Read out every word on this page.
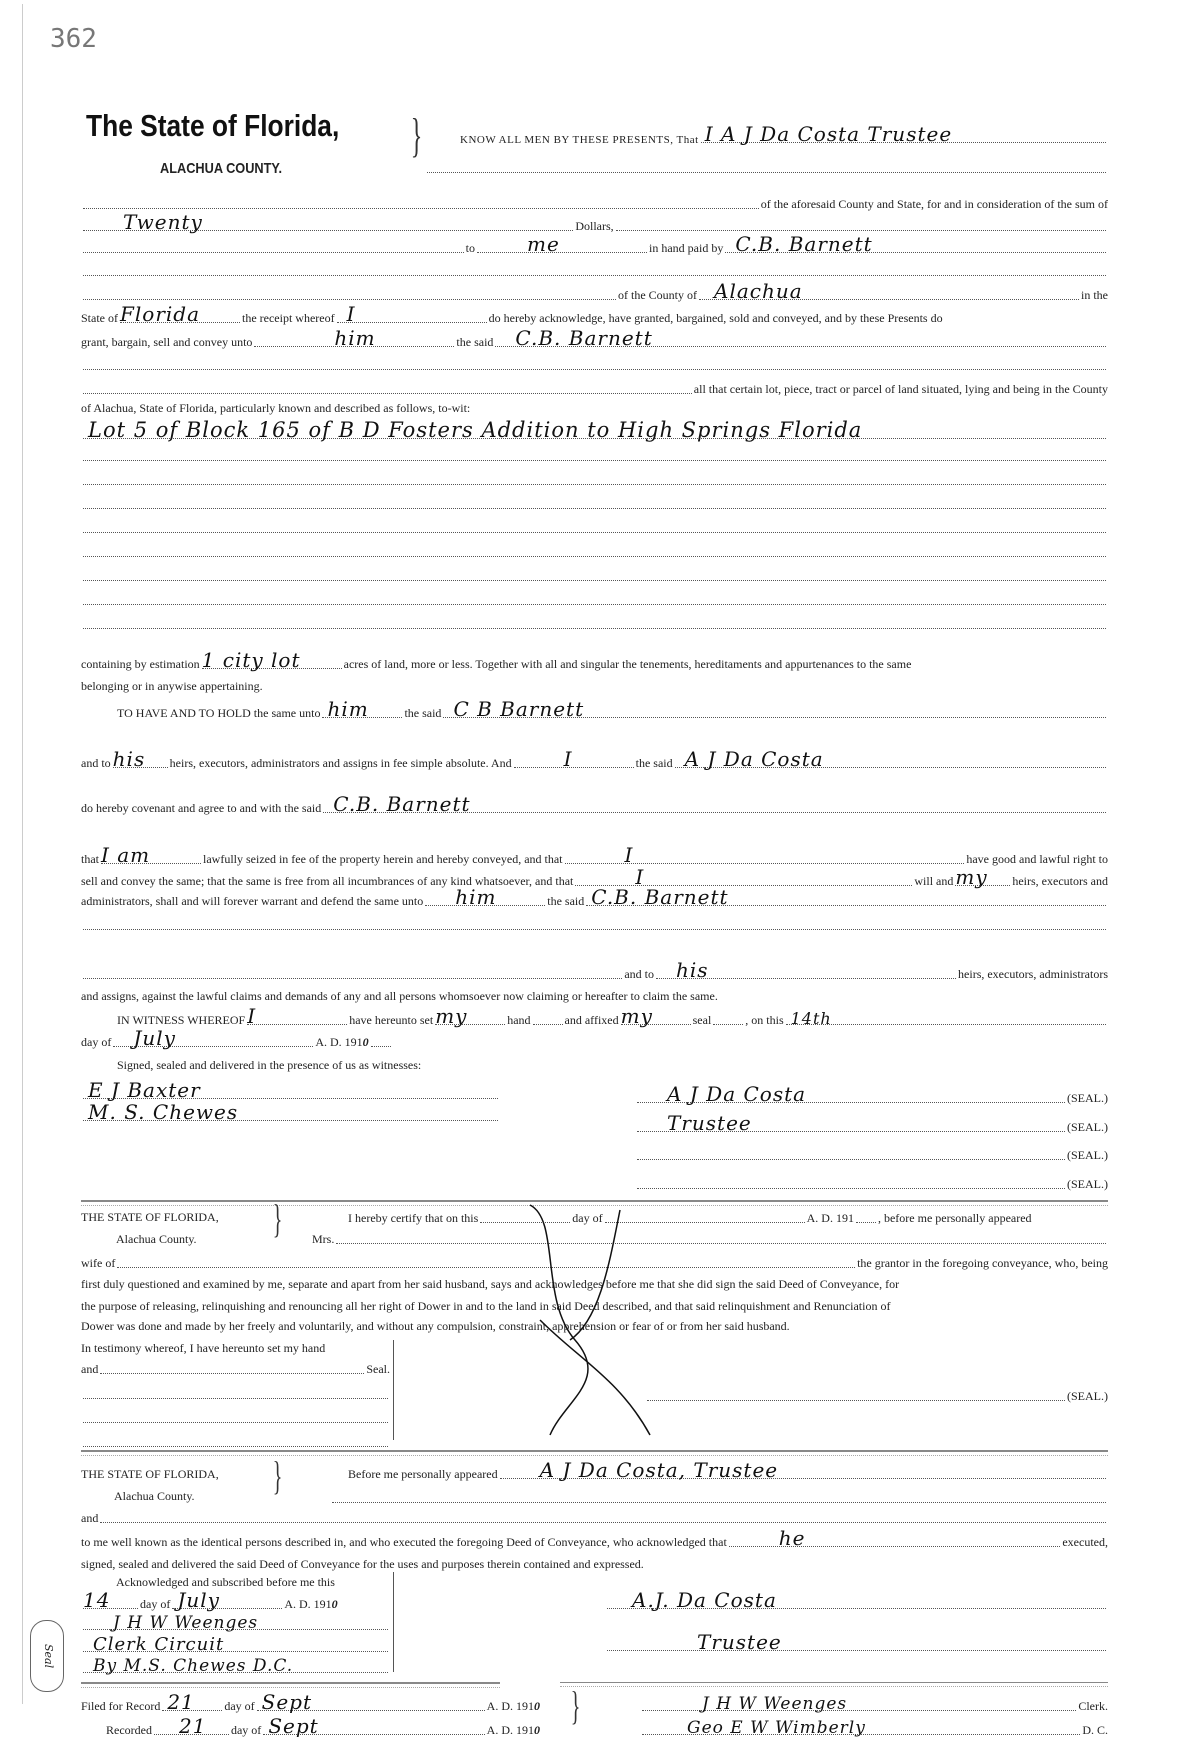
362
The State of Florida,
ALACHUA COUNTY.
}	KNOW ALL MEN BY THESE PRESENTS, That I A J Da Costa Trustee
of the aforesaid County and State, for and in consideration of the sum of
Twenty	Dollars,
to	me	in hand paid by C.B. Barnett
of the County of Alachua	in the
State of Florida	the receipt whereof I	do hereby acknowledge, have granted, bargained, sold and conveyed, and by these Presents do
grant, bargain, sell and convey unto	him	the said C.B. Barnett
all that certain lot, piece, tract or parcel of land situated, lying and being in the County
of Alachua, State of Florida, particularly known and described as follows, to-wit:
Lot 5 of Block 165 of B D Fosters Addition to High Springs Florida
containing by estimation 1 city lot	acres of land, more or less. Together with all and singular the tenements, hereditaments and appurtenances to the same
belonging or in anywise appertaining.
TO HAVE AND TO HOLD the same unto him	the said C B Barnett
and to his heirs, executors, administrators and assigns in fee simple absolute. And	I	the said A J Da Costa
do hereby covenant and agree to and with the said C.B. Barnett
that I am	lawfully seized in fee of the property herein and hereby conveyed, and that	I	have good and lawful right to
sell and convey the same; that the same is free from all incumbrances of any kind whatsoever, and that	I	will and my heirs, executors and
administrators, shall and will forever warrant and defend the same unto him	the said C.B. Barnett
and to his	heirs, executors, administrators
and assigns, against the lawful claims and demands of any and all persons whomsoever now claiming or hereafter to claim the same.
IN WITNESS WHEREOF I	have hereunto set my	hand	and affixed my	seal	, on this 14th
day of July	A. D. 191 0
Signed, sealed and delivered in the presence of us as witnesses:
E J Baxter
M. S. Chewes
A J Da Costa	(SEAL.)
Trustee	(SEAL.)
(SEAL.)
(SEAL.)
THE STATE OF FLORIDA,
Alachua County. }	I hereby certify that on this	day of	A. D. 191 , before me personally appeared
Mrs.
wife of	the grantor in the foregoing conveyance, who, being
first duly questioned and examined by me, separate and apart from her said husband, says and acknowledges before me that she did sign the said Deed of Conveyance, for
the purpose of releasing, relinquishing and renouncing all her right of Dower in and to the land in said Deed described, and that said relinquishment and Renunciation of
Dower was done and made by her freely and voluntarily, and without any compulsion, constraint, apprehension or fear of or from her said husband.
In testimony whereof, I have hereunto set my hand
and	Seal.
(SEAL.)
THE STATE OF FLORIDA,
Alachua County. }	Before me personally appeared A J Da Costa, Trustee
and
to me well known as the identical persons described in, and who executed the foregoing Deed of Conveyance, who acknowledged that	he	executed,
signed, sealed and delivered the said Deed of Conveyance for the uses and purposes therein contained and expressed.
Acknowledged and subscribed before me this
14 day of July	A. D. 191 0
J H W Weenges
Clerk Circuit
By M.S. Chewes D.C.
Seal
A.J. Da Costa
Trustee
Filed for Record 21 day of Sept	A. D. 191 0
Recorded 21 day of Sept	A. D. 191 0
}	J H W Weenges	Clerk.
Geo E W Wimberly	D. C.
